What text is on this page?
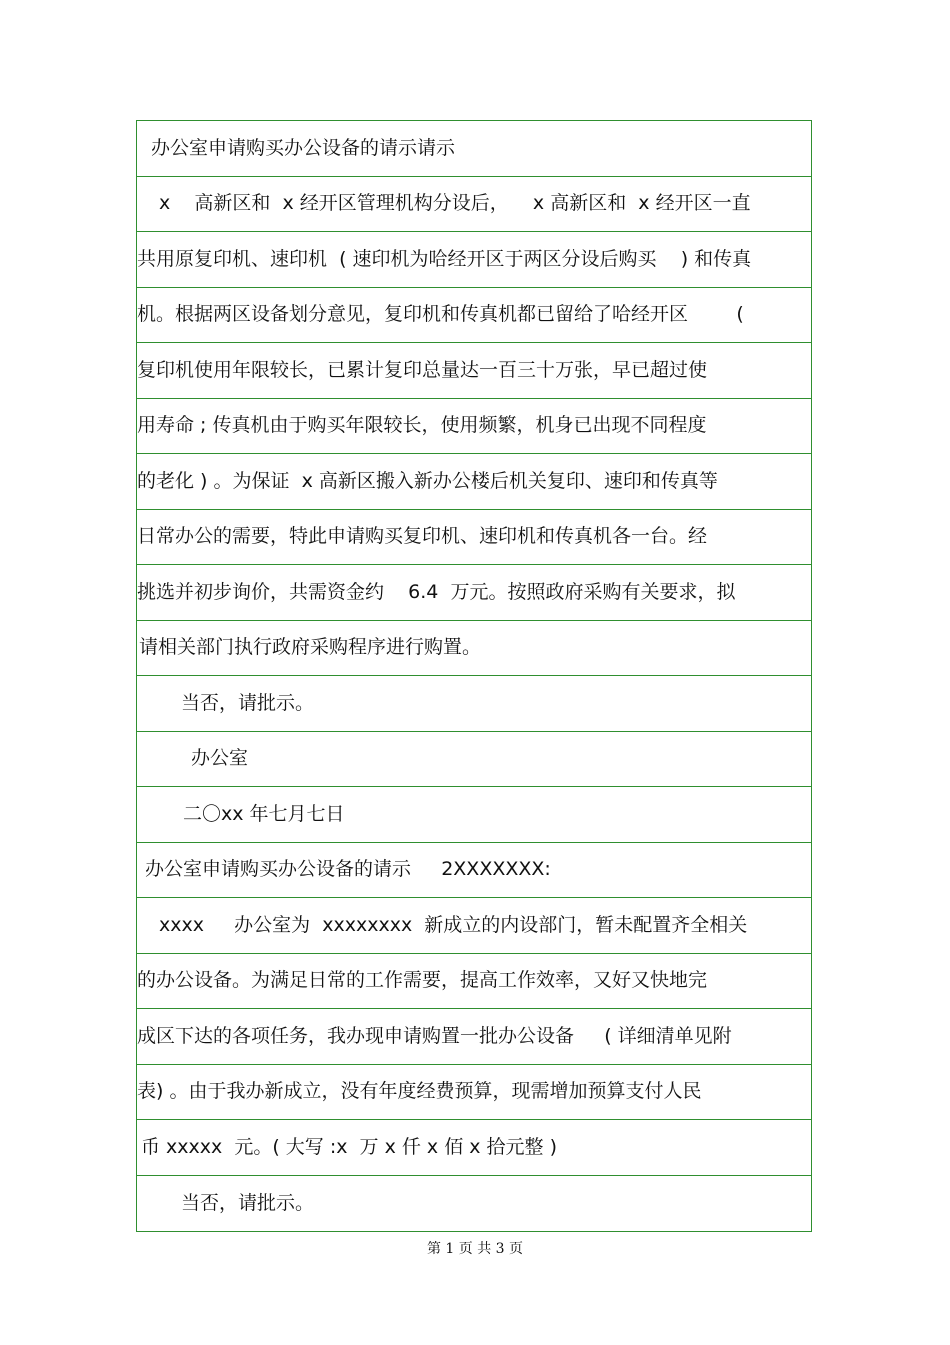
办公室申请购买办公设备的请示请示
x    高新区和  x 经开区管理机构分设后，    x 高新区和  x 经开区一直
共用原复印机、速印机  ( 速印机为哈经开区于两区分设后购买    ) 和传真
机。根据两区设备划分意见，复印机和传真机都已留给了哈经开区        (
复印机使用年限较长，已累计复印总量达一百三十万张，早已超过使
用寿命 ; 传真机由于购买年限较长，使用频繁，机身已出现不同程度
的老化 ) 。为保证  x 高新区搬入新办公楼后机关复印、速印和传真等
日常办公的需要，特此申请购买复印机、速印机和传真机各一台。经
挑选并初步询价，共需资金约    6.4  万元。按照政府采购有关要求，拟
请相关部门执行政府采购程序进行购置。
当否，请批示。
办公室
二〇xx 年七月七日
办公室申请购买办公设备的请示     2XXXXXXX:
xxxx     办公室为  xxxxxxxx  新成立的内设部门，暂未配置齐全相关
的办公设备。为满足日常的工作需要，提高工作效率，又好又快地完
成区下达的各项任务，我办现申请购置一批办公设备     ( 详细清单见附
表) 。由于我办新成立，没有年度经费预算，现需增加预算支付人民
币 xxxxx  元。( 大写 :x  万 x 仟 x 佰 x 拾元整 )
当否，请批示。
第 1 页 共 3 页
